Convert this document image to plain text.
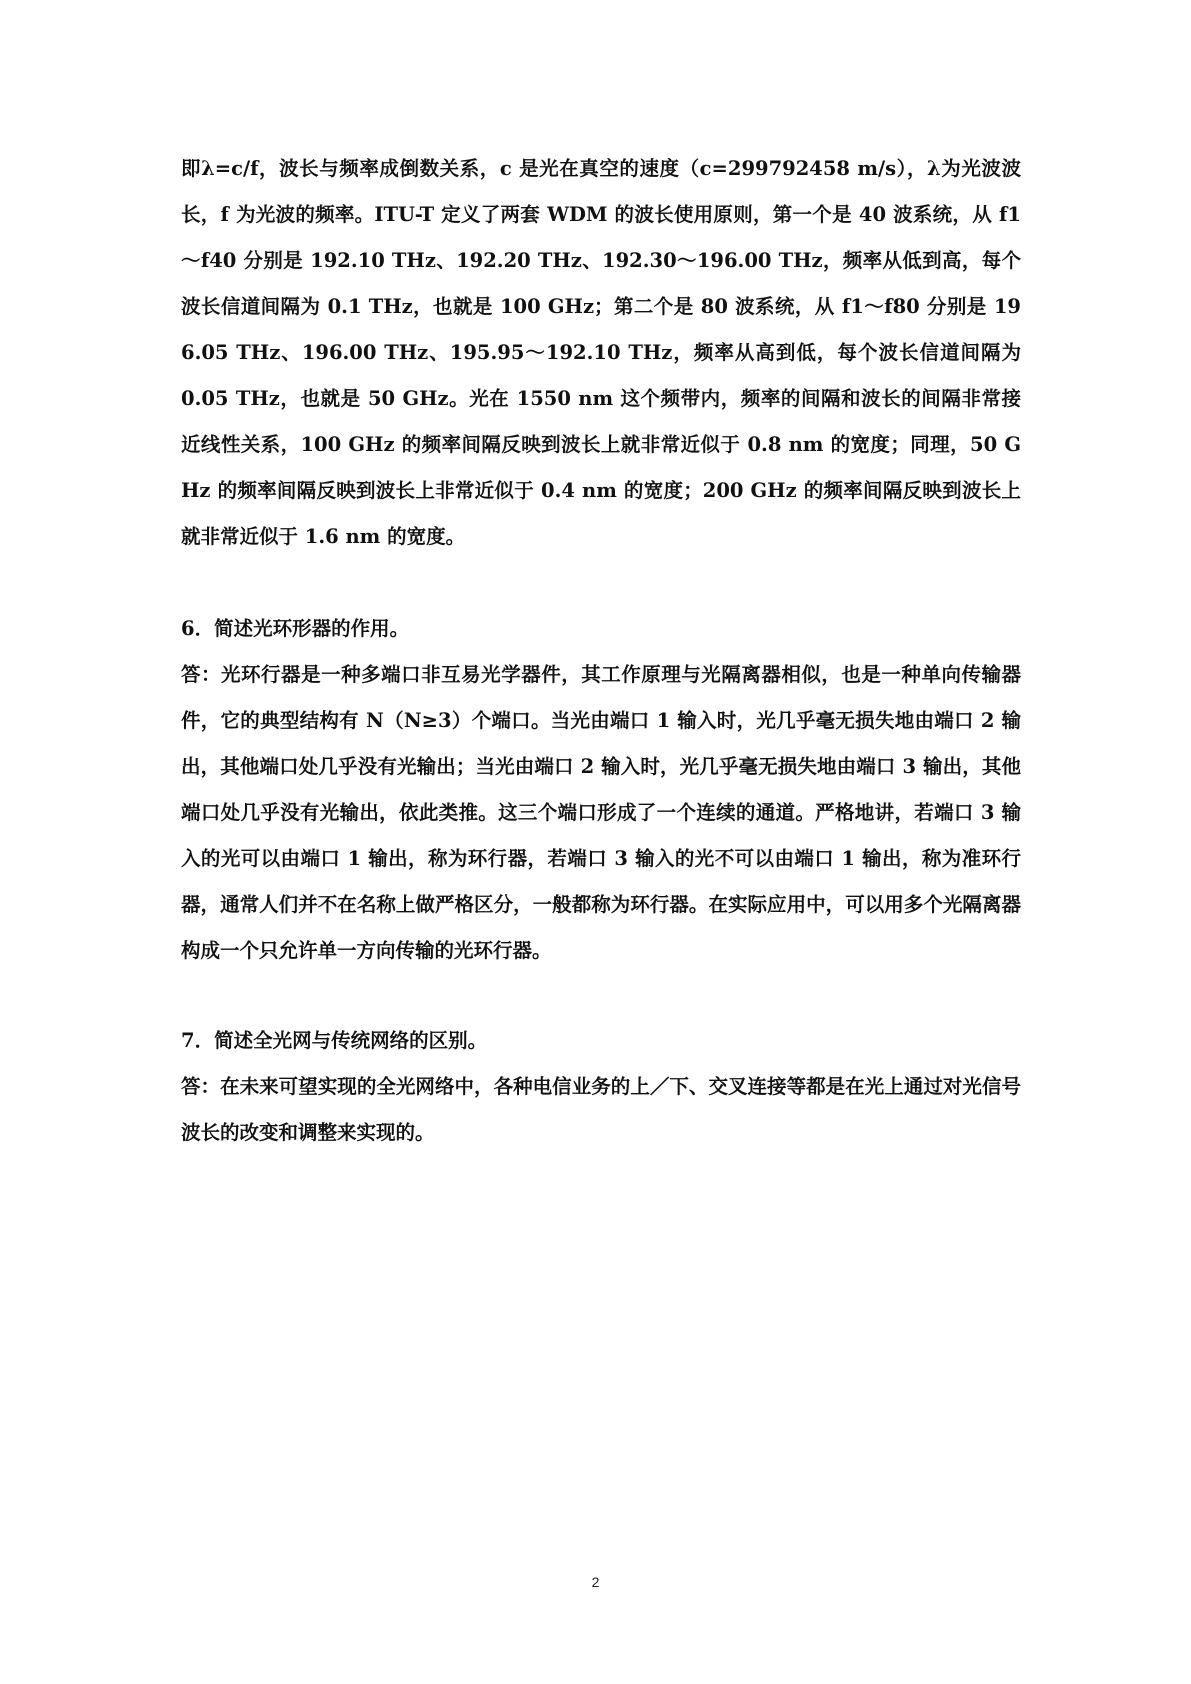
即λ=c/f，波长与频率成倒数关系，c 是光在真空的速度（c=299792458 m/s），λ为光波波长，f 为光波的频率。ITU-T 定义了两套 WDM 的波长使用原则，第一个是 40 波系统，从 f1～f40 分别是 192.10 THz、192.20 THz、192.30～196.00 THz，频率从低到高，每个波长信道间隔为 0.1 THz，也就是 100 GHz；第二个是 80 波系统，从 f1～f80 分别是 196.05 THz、196.00 THz、195.95～192.10 THz，频率从高到低，每个波长信道间隔为 0.05 THz，也就是 50 GHz。光在 1550 nm 这个频带内，频率的间隔和波长的间隔非常接近线性关系，100 GHz 的频率间隔反映到波长上就非常近似于 0.8 nm 的宽度；同理，50 GHz 的频率间隔反映到波长上非常近似于 0.4 nm 的宽度；200 GHz 的频率间隔反映到波长上就非常近似于 1.6 nm 的宽度。

6．简述光环形器的作用。

答：光环行器是一种多端口非互易光学器件，其工作原理与光隔离器相似，也是一种单向传输器件，它的典型结构有 N（N≥3）个端口。当光由端口 1 输入时，光几乎毫无损失地由端口 2 输出，其他端口处几乎没有光输出；当光由端口 2 输入时，光几乎毫无损失地由端口 3 输出，其他端口处几乎没有光输出，依此类推。这三个端口形成了一个连续的通道。严格地讲，若端口 3 输入的光可以由端口 1 输出，称为环行器，若端口 3 输入的光不可以由端口 1 输出，称为准环行器，通常人们并不在名称上做严格区分，一般都称为环行器。在实际应用中，可以用多个光隔离器构成一个只允许单一方向传输的光环行器。

7．简述全光网与传统网络的区别。

答：在未来可望实现的全光网络中，各种电信业务的上／下、交叉连接等都是在光上通过对光信号波长的改变和调整来实现的。

2
